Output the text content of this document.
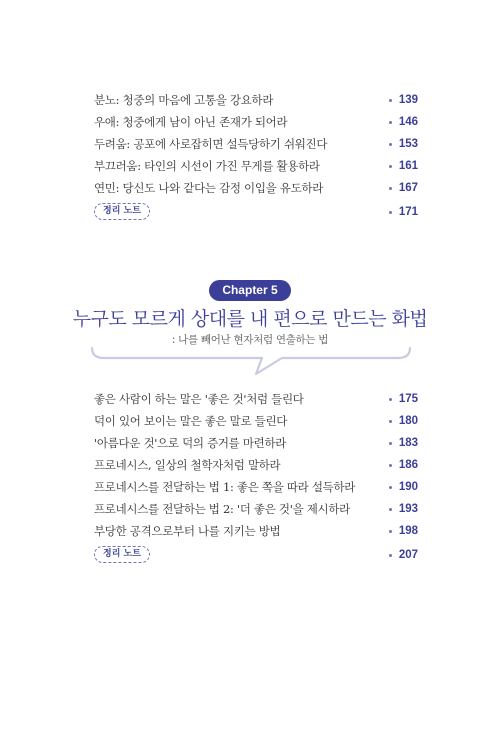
분노: 청중의 마음에 고통을 강요하라	139
우애: 청중에게 남이 아닌 존재가 되어라	146
두려움: 공포에 사로잡히면 설득당하기 쉬워진다	153
부끄러움: 타인의 시선이 가진 무게를 활용하라	161
연민: 당신도 나와 같다는 감정 이입을 유도하라	167
정리 노트	171
Chapter 5
누구도 모르게 상대를 내 편으로 만드는 화법
: 나를 빼어난 현자처럼 연출하는 법
좋은 사람이 하는 말은 '좋은 것'처럼 들린다	175
덕이 있어 보이는 말은 좋은 말로 들린다	180
'아름다운 것'으로 덕의 증거를 마련하라	183
프로네시스, 일상의 철학자처럼 말하라	186
프로네시스를 전달하는 법 1: 좋은 쪽을 따라 설득하라	190
프로네시스를 전달하는 법 2: '더 좋은 것'을 제시하라	193
부당한 공격으로부터 나를 지키는 방법	198
정리 노트	207
